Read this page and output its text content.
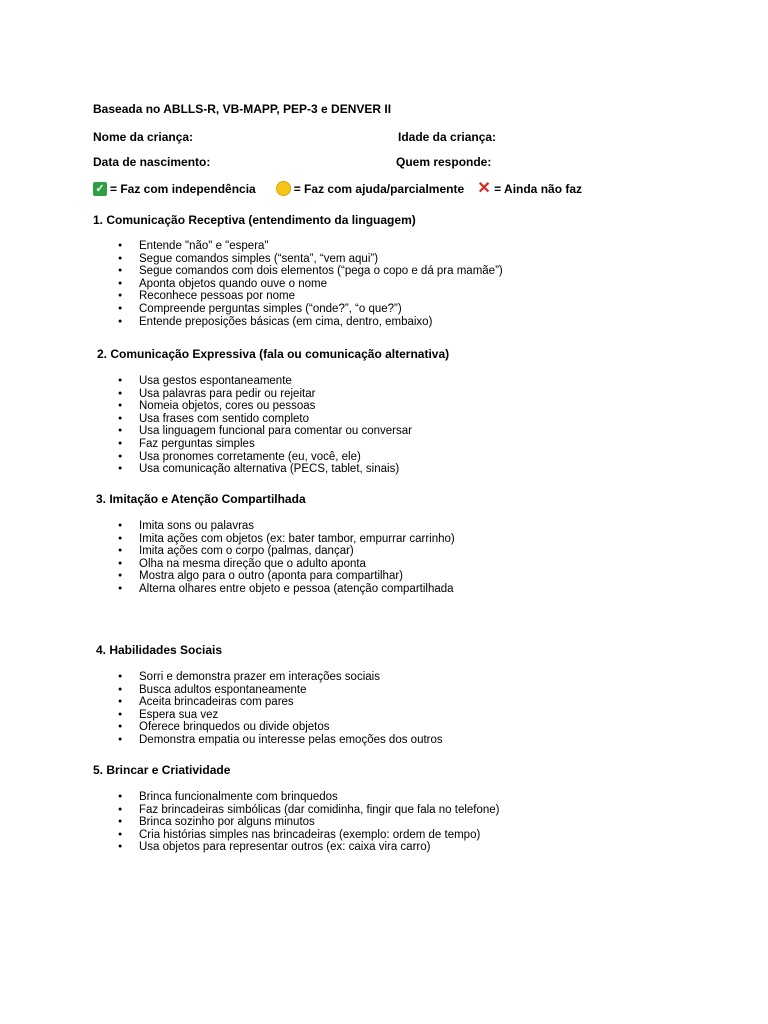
Baseada no ABLLS-R, VB-MAPP, PEP-3 e DENVER II
Nome da criança:	Idade da criança:
Data de nascimento:	Quem responde:
✓ = Faz com independência	= Faz com ajuda/parcialmente ✕ = Ainda não faz
1. Comunicação Receptiva (entendimento da linguagem)
● Entende "não" e "espera"
● Segue comandos simples (“senta”, “vem aqui”)
● Segue comandos com dois elementos (“pega o copo e dá pra mamãe”)
● Aponta objetos quando ouve o nome
● Reconhece pessoas por nome
● Compreende perguntas simples (“onde?”, “o que?”)
● Entende preposições básicas (em cima, dentro, embaixo)
2. Comunicação Expressiva (fala ou comunicação alternativa)
● Usa gestos espontaneamente
● Usa palavras para pedir ou rejeitar
● Nomeia objetos, cores ou pessoas
● Usa frases com sentido completo
● Usa linguagem funcional para comentar ou conversar
● Faz perguntas simples
● Usa pronomes corretamente (eu, você, ele)
● Usa comunicação alternativa (PECS, tablet, sinais)
3. Imitação e Atenção Compartilhada
● Imita sons ou palavras
● Imita ações com objetos (ex: bater tambor, empurrar carrinho)
● Imita ações com o corpo (palmas, dançar)
● Olha na mesma direção que o adulto aponta
● Mostra algo para o outro (aponta para compartilhar)
● Alterna olhares entre objeto e pessoa (atenção compartilhada
4. Habilidades Sociais
● Sorri e demonstra prazer em interações sociais
● Busca adultos espontaneamente
● Aceita brincadeiras com pares
● Espera sua vez
● Oferece brinquedos ou divide objetos
● Demonstra empatia ou interesse pelas emoções dos outros
5. Brincar e Criatividade
● Brinca funcionalmente com brinquedos
● Faz brincadeiras simbólicas (dar comidinha, fingir que fala no telefone)
● Brinca sozinho por alguns minutos
● Cria histórias simples nas brincadeiras (exemplo: ordem de tempo)
● Usa objetos para representar outros (ex: caixa vira carro)
